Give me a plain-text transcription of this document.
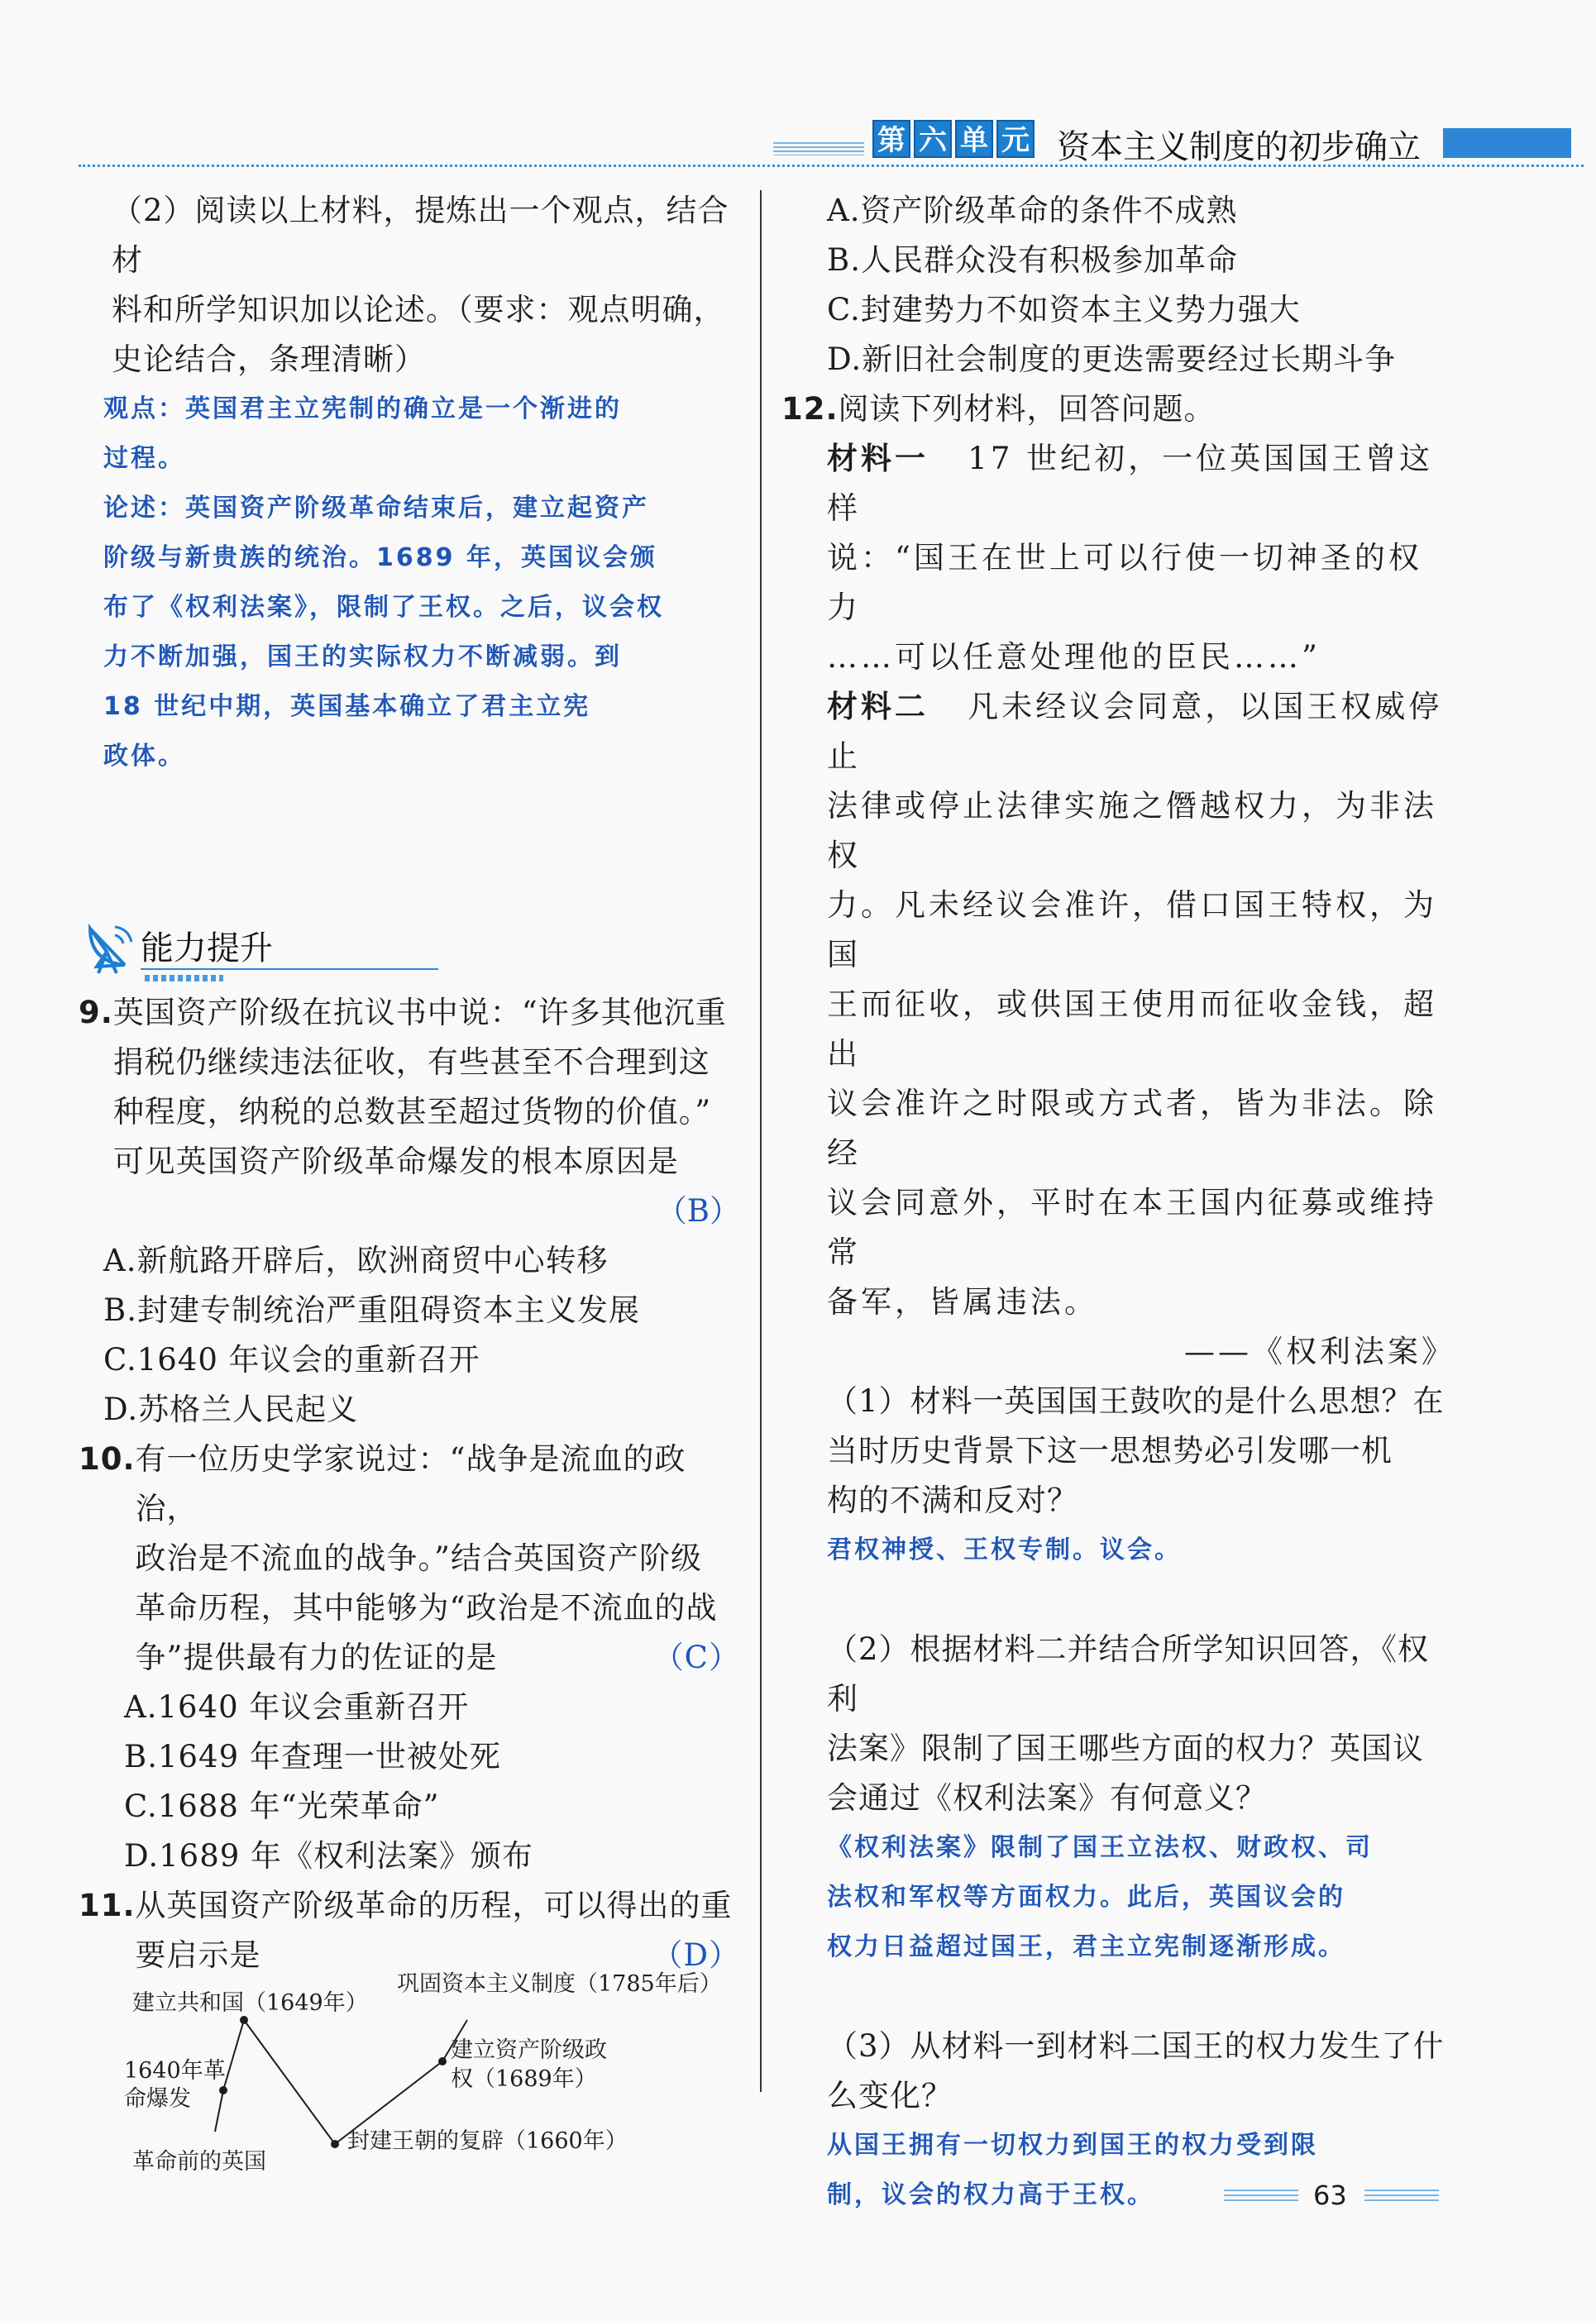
第 六 单 元 资本主义制度的初步确立
（2）阅读以上材料，提炼出一个观点，结合材
料和所学知识加以论述。（要求：观点明确，
史论结合，条理清晰）
观点：英国君主立宪制的确立是一个渐进的
过程。
论述：英国资产阶级革命结束后，建立起资产
阶级与新贵族的统治。1689 年，英国议会颁
布了《权利法案》，限制了王权。之后，议会权
力不断加强，国王的实际权力不断减弱。到
18 世纪中期，英国基本确立了君主立宪
政体。
能力提升
9. 英国资产阶级在抗议书中说：“许多其他沉重
捐税仍继续违法征收，有些甚至不合理到这
种程度，纳税的总数甚至超过货物的价值。”
可见英国资产阶级革命爆发的根本原因是
（B）
A.新航路开辟后，欧洲商贸中心转移
B.封建专制统治严重阻碍资本主义发展
C.1640 年议会的重新召开
D.苏格兰人民起义
10. 有一位历史学家说过：“战争是流血的政治，
政治是不流血的战争。”结合英国资产阶级
革命历程，其中能够为“政治是不流血的战
争”提供最有力的佐证的是	（C）
A.1640 年议会重新召开
B.1649 年查理一世被处死
C.1688 年“光荣革命”
D.1689 年《权利法案》颁布
11. 从英国资产阶级革命的历程，可以得出的重
要启示是	（D）
革命前的英国
1640年革
命爆发
建立共和国（1649年）
封建王朝的复辟（1660年）
建立资产阶级政
权（1689年）
巩固资本主义制度（1785年后）
A.资产阶级革命的条件不成熟
B.人民群众没有积极参加革命
C.封建势力不如资本主义势力强大
D.新旧社会制度的更迭需要经过长期斗争
12.阅读下列材料，回答问题。
材料一 17 世纪初，一位英国国王曾这样
说：“国王在世上可以行使一切神圣的权力
……可以任意处理他的臣民……”
材料二 凡未经议会同意，以国王权威停止
法律或停止法律实施之僭越权力，为非法权
力。凡未经议会准许，借口国王特权，为国
王而征收，或供国王使用而征收金钱，超出
议会准许之时限或方式者，皆为非法。除经
议会同意外，平时在本王国内征募或维持常
备军，皆属违法。
——《权利法案》
（1）材料一英国国王鼓吹的是什么思想？在
当时历史背景下这一思想势必引发哪一机
构的不满和反对？
君权神授、王权专制。议会。
（2）根据材料二并结合所学知识回答，《权利
法案》限制了国王哪些方面的权力？英国议
会通过《权利法案》有何意义？
《权利法案》限制了国王立法权、财政权、司
法权和军权等方面权力。此后，英国议会的
权力日益超过国王，君主立宪制逐渐形成。
（3）从材料一到材料二国王的权力发生了什
么变化？
从国王拥有一切权力到国王的权力受到限
制，议会的权力高于王权。	63
